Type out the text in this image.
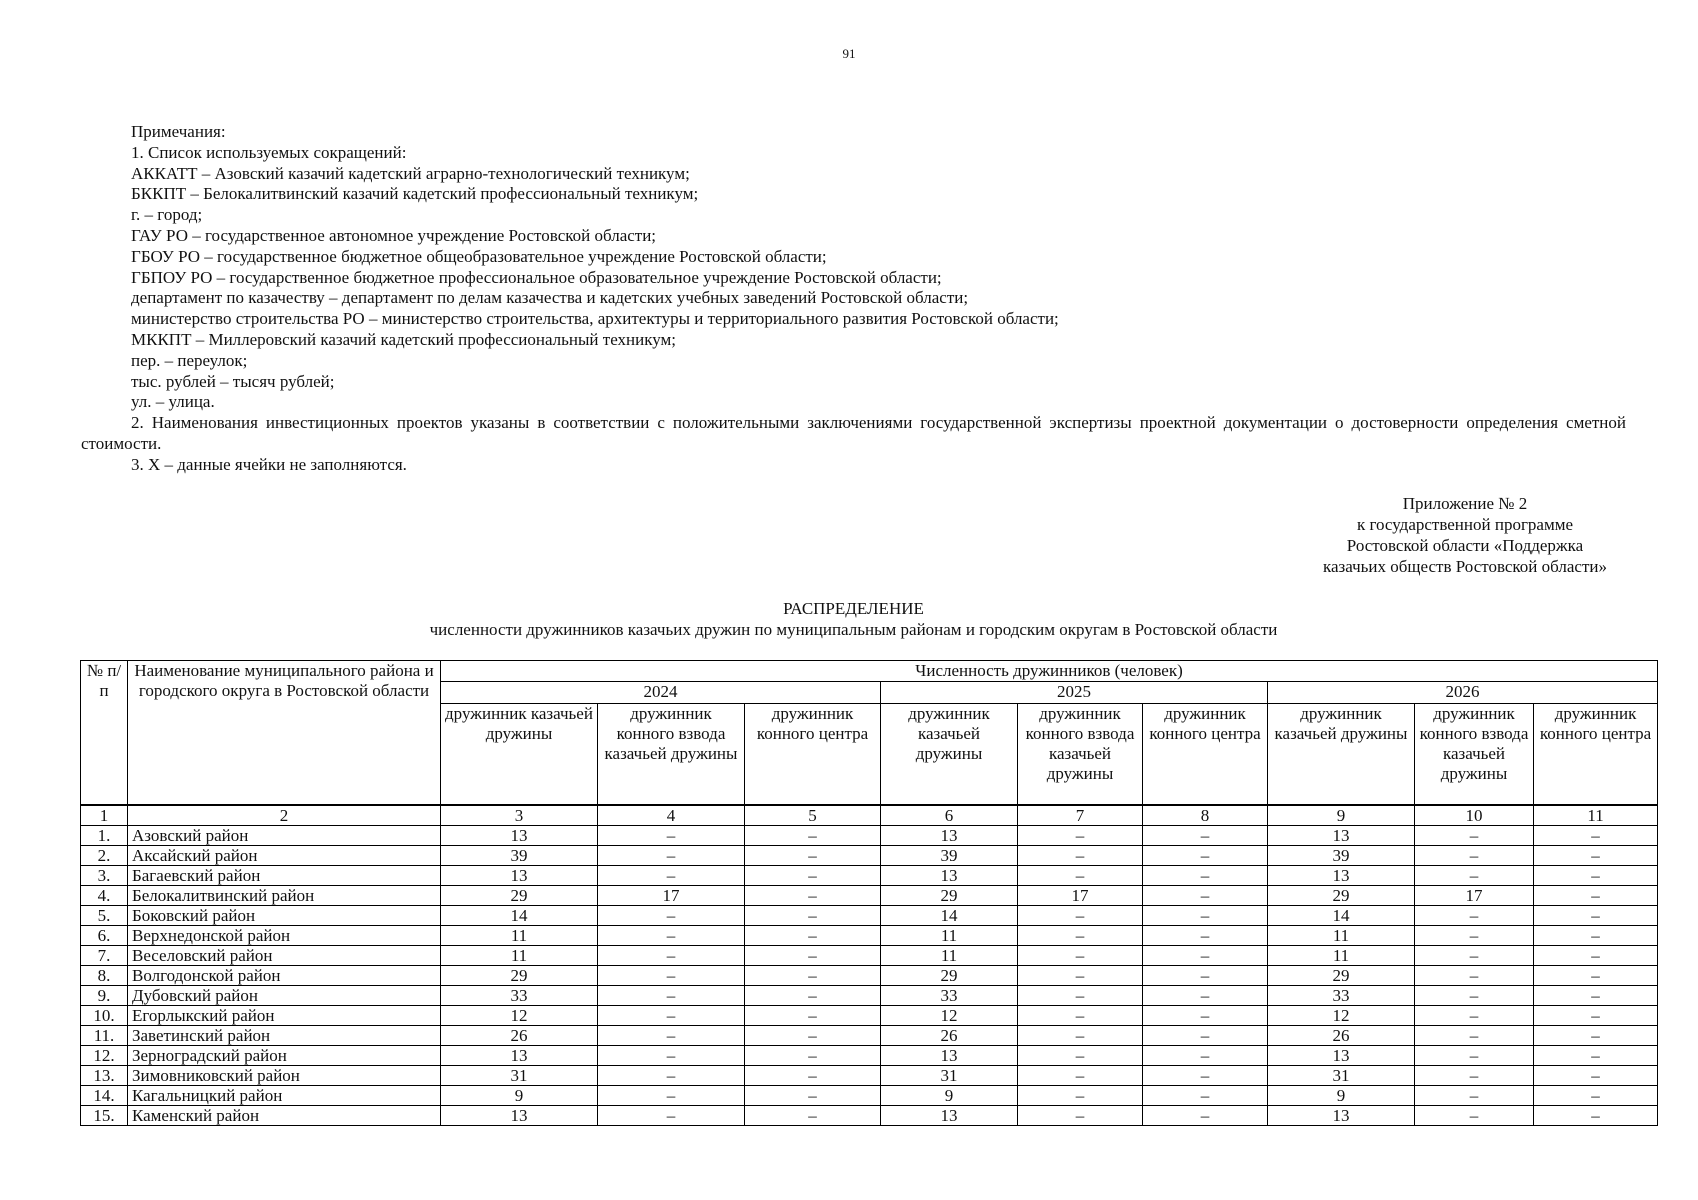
91
Примечания:
1. Список используемых сокращений:
АККАТТ – Азовский казачий кадетский аграрно-технологический техникум;
БККПТ – Белокалитвинский казачий кадетский профессиональный техникум;
г. – город;
ГАУ РО – государственное автономное учреждение Ростовской области;
ГБОУ РО – государственное бюджетное общеобразовательное учреждение Ростовской области;
ГБПОУ РО – государственное бюджетное профессиональное образовательное учреждение Ростовской области;
департамент по казачеству – департамент по делам казачества и кадетских учебных заведений Ростовской области;
министерство строительства РО – министерство строительства, архитектуры и территориального развития Ростовской области;
МККПТ – Миллеровский казачий кадетский профессиональный техникум;
пер. – переулок;
тыс. рублей – тысяч рублей;
ул. – улица.
2. Наименования инвестиционных проектов указаны в соответствии с положительными заключениями государственной экспертизы проектной документации о достоверности определения сметной стоимости.
3. Х – данные ячейки не заполняются.
Приложение № 2
к государственной программе
Ростовской области «Поддержка
казачьих обществ Ростовской области»
РАСПРЕДЕЛЕНИЕ
численности дружинников казачьих дружин по муниципальным районам и городским округам в Ростовской области
№ п/п	Наименование муниципального района и городского округа в Ростовской области	Численность дружинников (человек)								
		2024			2025			2026		
		дружинник казачьей дружины	дружинник конного взвода казачьей дружины	дружинник конного центра	дружинник казачьей дружины	дружинник конного взвода казачьей дружины	дружинник конного центра	дружинник казачьей дружины	дружинник конного взвода казачьей дружины	дружинник конного центра
1	2	3	4	5	6	7	8	9	10	11
1.	Азовский район	13	–	–	13	–	–	13	–	–
2.	Аксайский район	39	–	–	39	–	–	39	–	–
3.	Багаевский район	13	–	–	13	–	–	13	–	–
4.	Белокалитвинский район	29	17	–	29	17	–	29	17	–
5.	Боковский район	14	–	–	14	–	–	14	–	–
6.	Верхнедонской район	11	–	–	11	–	–	11	–	–
7.	Веселовский район	11	–	–	11	–	–	11	–	–
8.	Волгодонской район	29	–	–	29	–	–	29	–	–
9.	Дубовский район	33	–	–	33	–	–	33	–	–
10.	Егорлыкский район	12	–	–	12	–	–	12	–	–
11.	Заветинский район	26	–	–	26	–	–	26	–	–
12.	Зерноградский район	13	–	–	13	–	–	13	–	–
13.	Зимовниковский район	31	–	–	31	–	–	31	–	–
14.	Кагальницкий район	9	–	–	9	–	–	9	–	–
15.	Каменский район	13	–	–	13	–	–	13	–	–
